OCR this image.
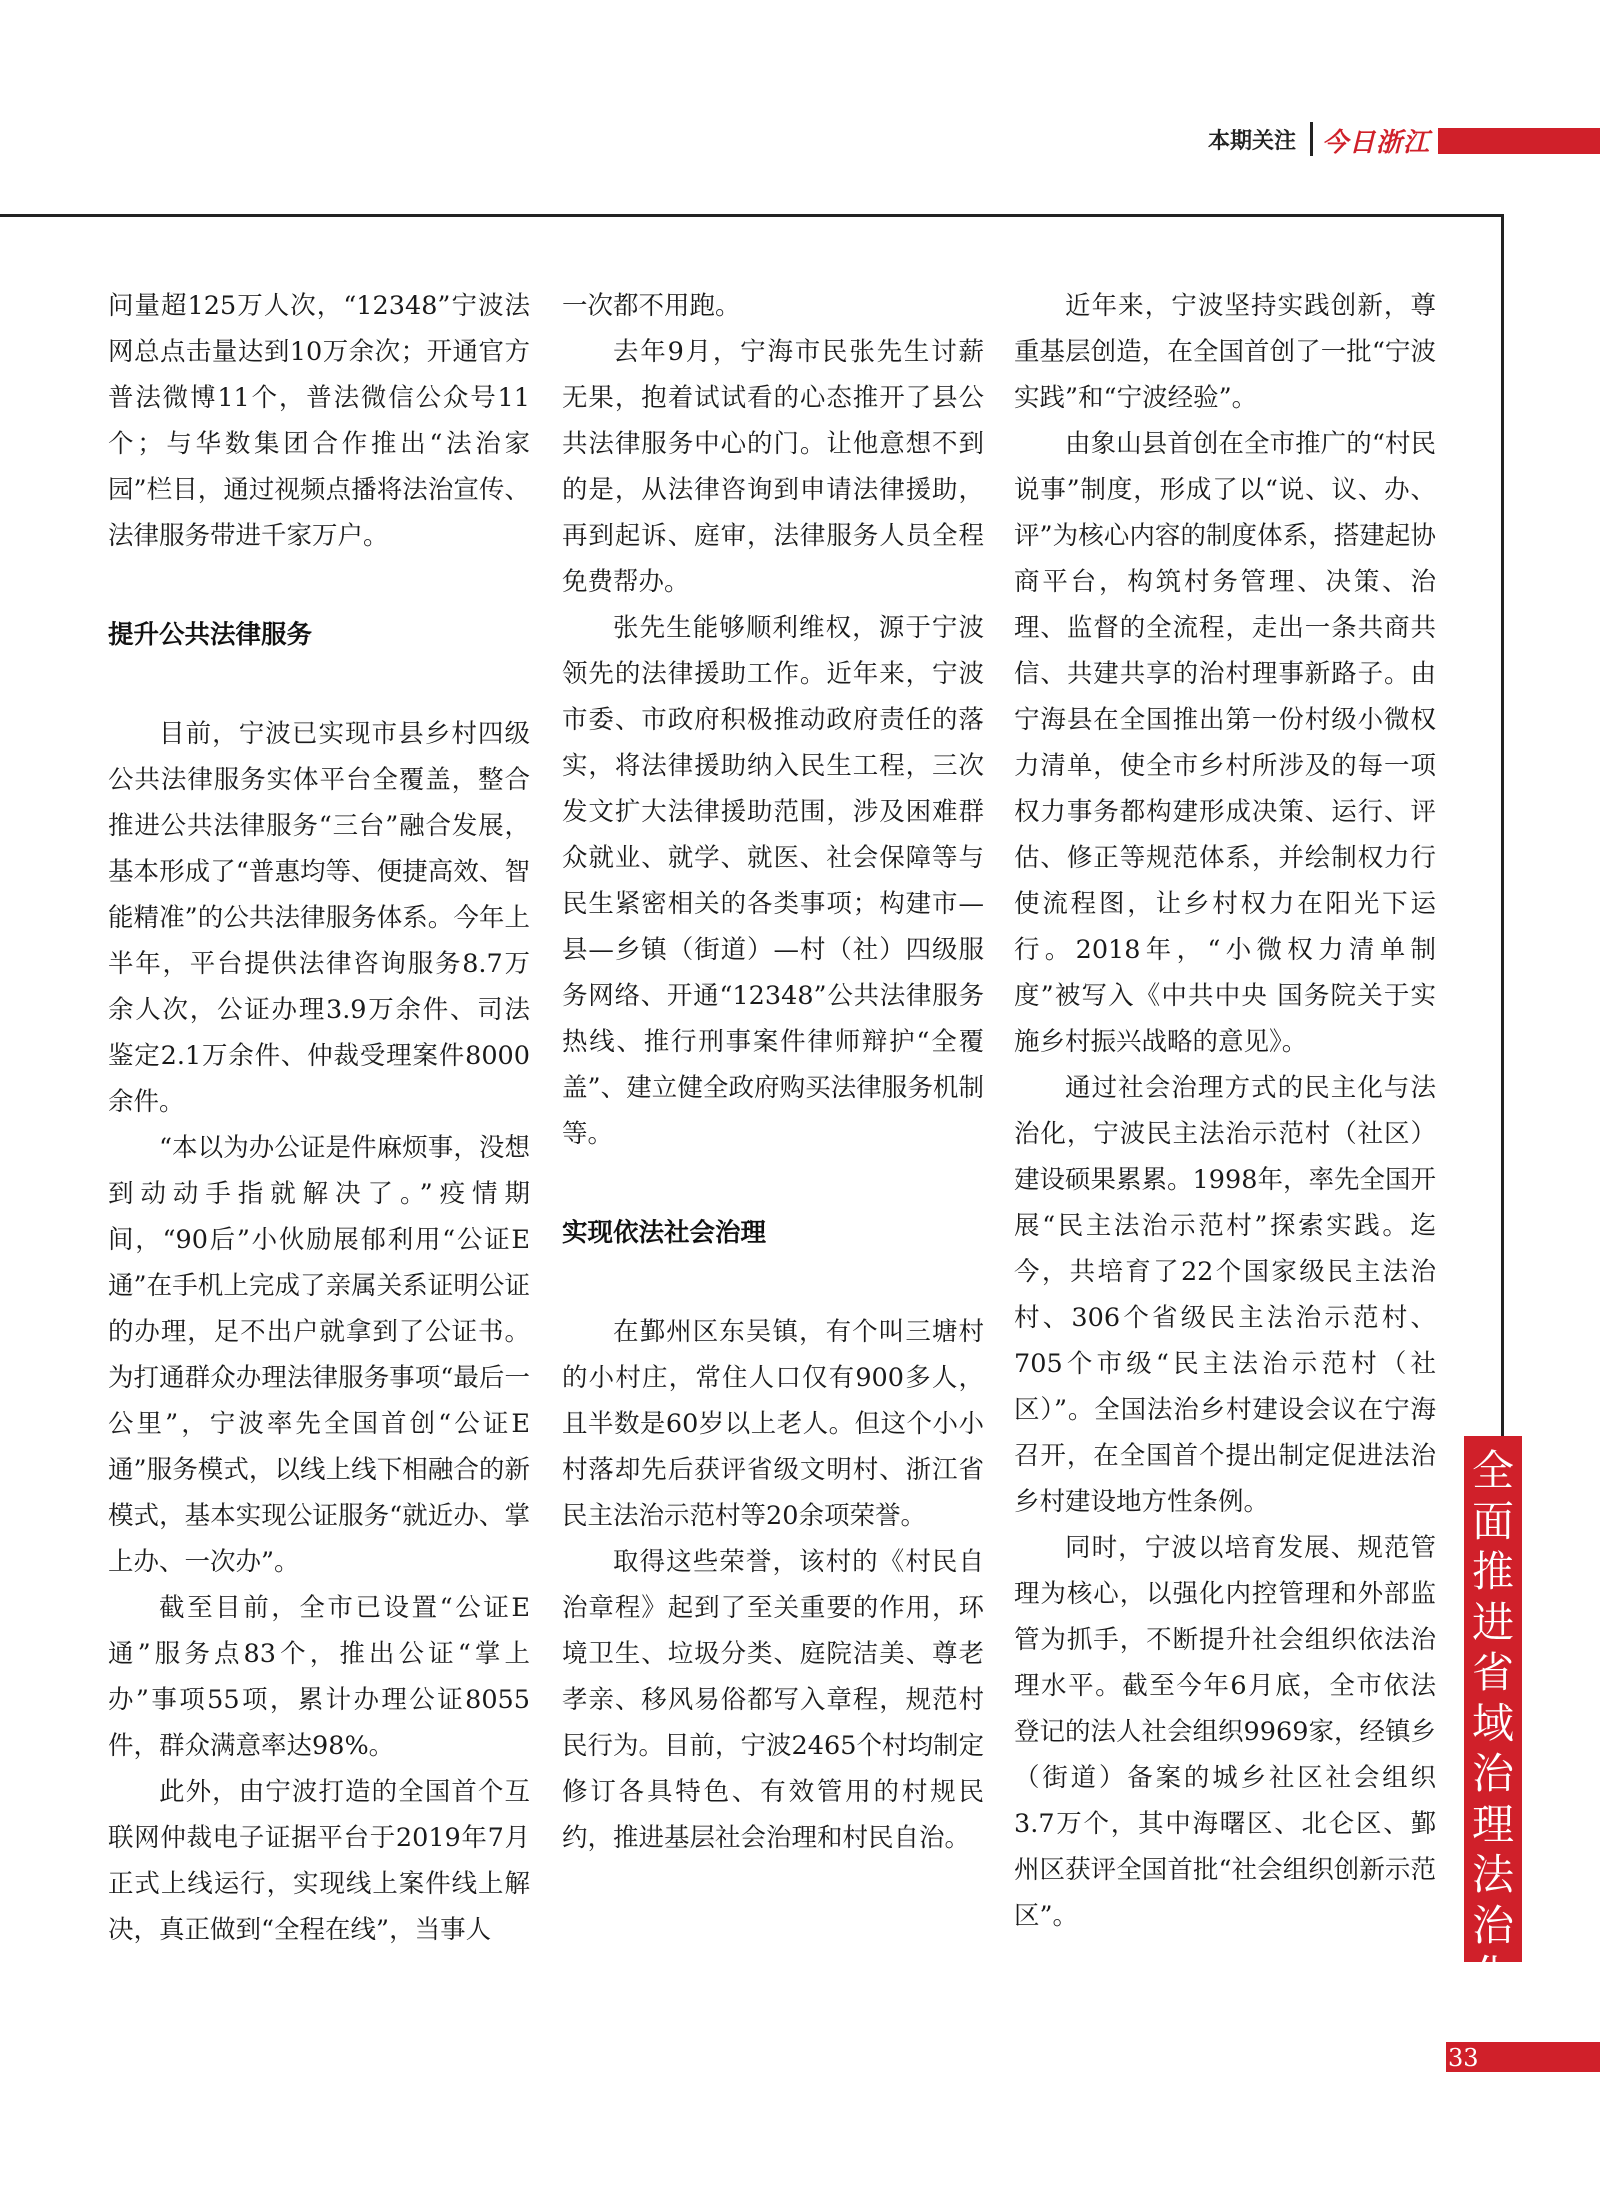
本期关注 今日浙江

问量超125万人次，“12348”宁波法网总点击量达到10万余次；开通官方普法微博11个，普法微信公众号11个；与华数集团合作推出“法治家园”栏目，通过视频点播将法治宣传、法律服务带进千家万户。

提升公共法律服务

目前，宁波已实现市县乡村四级公共法律服务实体平台全覆盖，整合推进公共法律服务“三台”融合发展，基本形成了“普惠均等、便捷高效、智能精准”的公共法律服务体系。今年上半年，平台提供法律咨询服务8.7万余人次，公证办理3.9万余件、司法鉴定2.1万余件、仲裁受理案件8000余件。

“本以为办公证是件麻烦事，没想到动动手指就解决了。”疫情期间，“90后”小伙励展郁利用“公证E通”在手机上完成了亲属关系证明公证的办理，足不出户就拿到了公证书。为打通群众办理法律服务事项“最后一公里”，宁波率先全国首创“公证E通”服务模式，以线上线下相融合的新模式，基本实现公证服务“就近办、掌上办、一次办”。

截至目前，全市已设置“公证E通”服务点83个，推出公证“掌上办”事项55项，累计办理公证8055件，群众满意率达98%。

此外，由宁波打造的全国首个互联网仲裁电子证据平台于2019年7月正式上线运行，实现线上案件线上解决，真正做到“全程在线”，当事人

一次都不用跑。

去年9月，宁海市民张先生讨薪无果，抱着试试看的心态推开了县公共法律服务中心的门。让他意想不到的是，从法律咨询到申请法律援助，再到起诉、庭审，法律服务人员全程免费帮办。

张先生能够顺利维权，源于宁波领先的法律援助工作。近年来，宁波市委、市政府积极推动政府责任的落实，将法律援助纳入民生工程，三次发文扩大法律援助范围，涉及困难群众就业、就学、就医、社会保障等与民生紧密相关的各类事项；构建市—县—乡镇（街道）—村（社）四级服务网络、开通“12348”公共法律服务热线、推行刑事案件律师辩护“全覆盖”、建立健全政府购买法律服务机制等。

实现依法社会治理

在鄞州区东吴镇，有个叫三塘村的小村庄，常住人口仅有900多人，且半数是60岁以上老人。但这个小小村落却先后获评省级文明村、浙江省民主法治示范村等20余项荣誉。

取得这些荣誉，该村的《村民自治章程》起到了至关重要的作用，环境卫生、垃圾分类、庭院洁美、尊老孝亲、移风易俗都写入章程，规范村民行为。目前，宁波2465个村均制定修订各具特色、有效管用的村规民约，推进基层社会治理和村民自治。

近年来，宁波坚持实践创新，尊重基层创造，在全国首创了一批“宁波实践”和“宁波经验”。

由象山县首创在全市推广的“村民说事”制度，形成了以“说、议、办、评”为核心内容的制度体系，搭建起协商平台，构筑村务管理、决策、治理、监督的全流程，走出一条共商共信、共建共享的治村理事新路子。由宁海县在全国推出第一份村级小微权力清单，使全市乡村所涉及的每一项权力事务都构建形成决策、运行、评估、修正等规范体系，并绘制权力行使流程图，让乡村权力在阳光下运行。2018年，“小微权力清单制度”被写入《中共中央 国务院关于实施乡村振兴战略的意见》。

通过社会治理方式的民主化与法治化，宁波民主法治示范村（社区）建设硕果累累。1998年，率先全国开展“民主法治示范村”探索实践。迄今，共培育了22个国家级民主法治村、306个省级民主法治示范村、705个市级“民主法治示范村（社区）”。全国法治乡村建设会议在宁海召开，在全国首个提出制定促进法治乡村建设地方性条例。

同时，宁波以培育发展、规范管理为核心，以强化内控管理和外部监管为抓手，不断提升社会组织依法治理水平。截至今年6月底，全市依法登记的法人社会组织9969家，经镇乡（街道）备案的城乡社区社会组织3.7万个，其中海曙区、北仑区、鄞州区获评全国首批“社会组织创新示范区”。

全
面
推
进
省
域
治
理
法
治
化
33
